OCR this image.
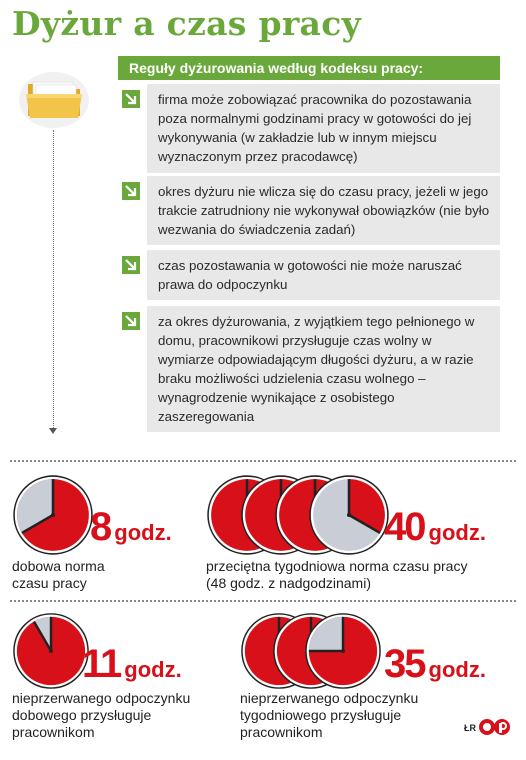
Dyżur a czas pracy
Reguły dyżurowania według kodeksu pracy:
firma może zobowiązać pracownika do pozostawania poza normalnymi godzinami pracy w gotowości do jej wykonywania (w zakładzie lub w innym miejscu wyznaczonym przez pracodawcę)
okres dyżuru nie wlicza się do czasu pracy, jeżeli w jego trakcie zatrudniony nie wykonywał obowiązków (nie było wezwania do świadczenia zadań)
czas pozostawania w gotowości nie może naruszać prawa do odpoczynku
za okres dyżurowania, z wyjątkiem tego pełnionego w domu, pracownikowi przysługuje czas wolny w wymiarze odpowiadającym długości dyżuru, a w razie braku możliwości udzielenia czasu wolnego – wynagrodzenie wynikające z osobistego zaszeregowania
8 godz.
dobowa norma
czasu pracy
40 godz.
przeciętna tygodniowa norma czasu pracy
(48 godz. z nadgodzinami)
11 godz.
nieprzerwanego odpoczynku
dobowego przysługuje
pracownikom
35 godz.
nieprzerwanego odpoczynku
tygodniowego przysługuje
pracownikom	ŁR
